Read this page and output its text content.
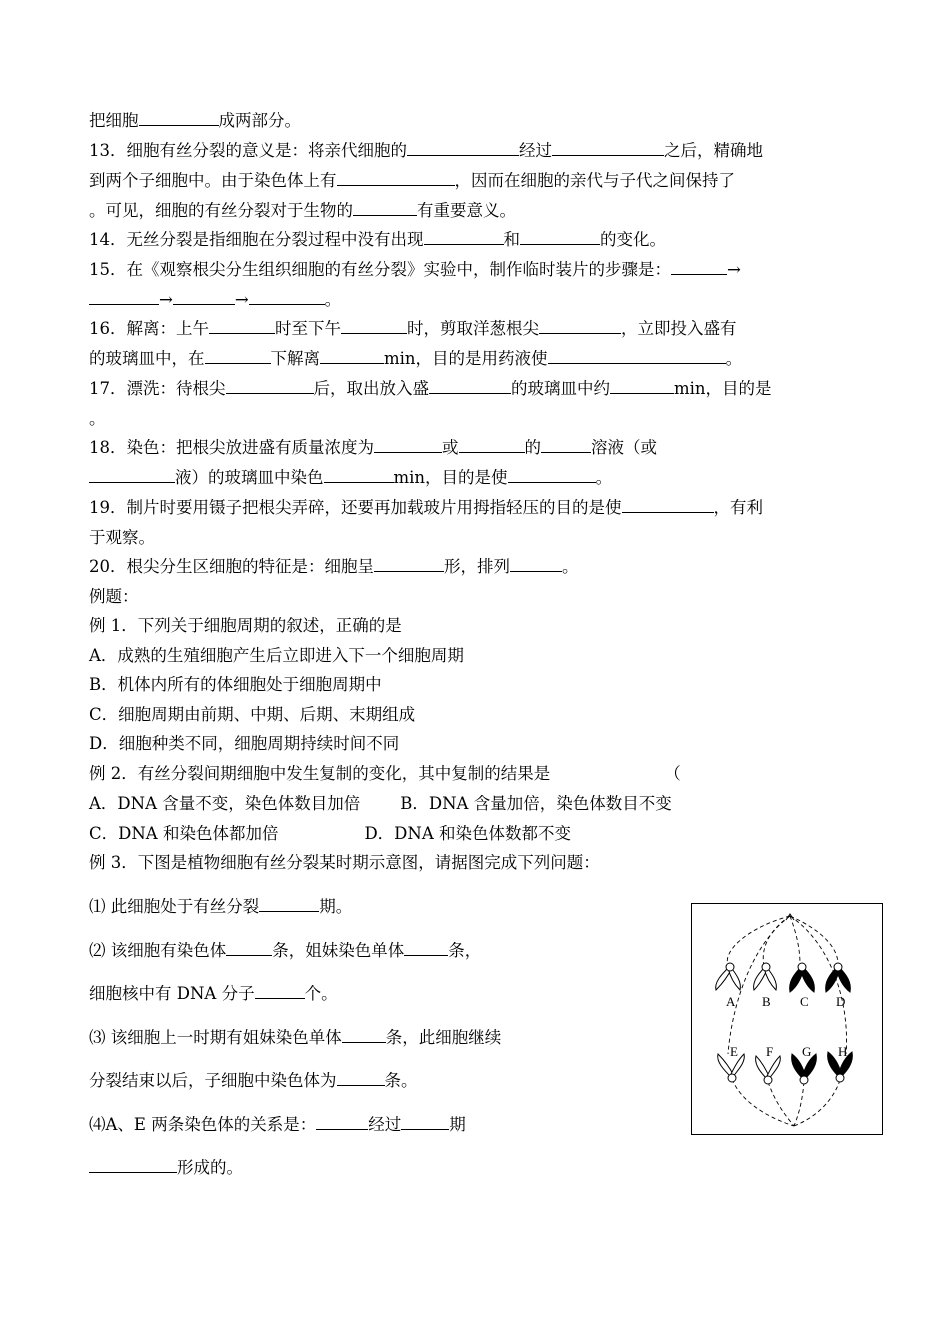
把细胞	成两部分。
13．细胞有丝分裂的意义是：将亲代细胞的	经过	之后，精确地
到两个子细胞中。由于染色体上有	，因而在细胞的亲代与子代之间保持了
。可见，细胞的有丝分裂对于生物的	有重要意义。
14．无丝分裂是指细胞在分裂过程中没有出现	和	的变化。
15．在《观察根尖分生组织细胞的有丝分裂》实验中，制作临时装片的步骤是：	→
→	→	。
16．解离：上午	时至下午	时，剪取洋葱根尖	，立即投入盛有
的玻璃皿中，在	下解离	min，目的是用药液使	。
17．漂洗：待根尖	后，取出放入盛	的玻璃皿中约	min，目的是
。
18．染色：把根尖放进盛有质量浓度为	或	的	溶液（或
液）的玻璃皿中染色	min，目的是使	。
19．制片时要用镊子把根尖弄碎，还要再加载玻片用拇指轻压的目的是使	，有利
于观察。
20．根尖分生区细胞的特征是：细胞呈	形，排列	。
例题：
例 1．下列关于细胞周期的叙述，正确的是
A．成熟的生殖细胞产生后立即进入下一个细胞周期
B．机体内所有的体细胞处于细胞周期中
C．细胞周期由前期、中期、后期、末期组成
D．细胞种类不同，细胞周期持续时间不同
例 2．有丝分裂间期细胞中发生复制的变化，其中复制的结果是	（
A．DNA 含量不变，染色体数目加倍 B．DNA 含量加倍，染色体数目不变
C．DNA 和染色体都加倍	D．DNA 和染色体数都不变
例 3．下图是植物细胞有丝分裂某时期示意图，请据图完成下列问题：
⑴ 此细胞处于有丝分裂	期。
⑵ 该细胞有染色体	条，姐妹染色单体	条，
细胞核中有 DNA 分子	个。
⑶ 该细胞上一时期有姐妹染色单体	条，此细胞继续
分裂结束以后，子细胞中染色体为	条。
⑷A、E 两条染色体的关系是：	经过	期
形成的。
A B C D
E F G H
